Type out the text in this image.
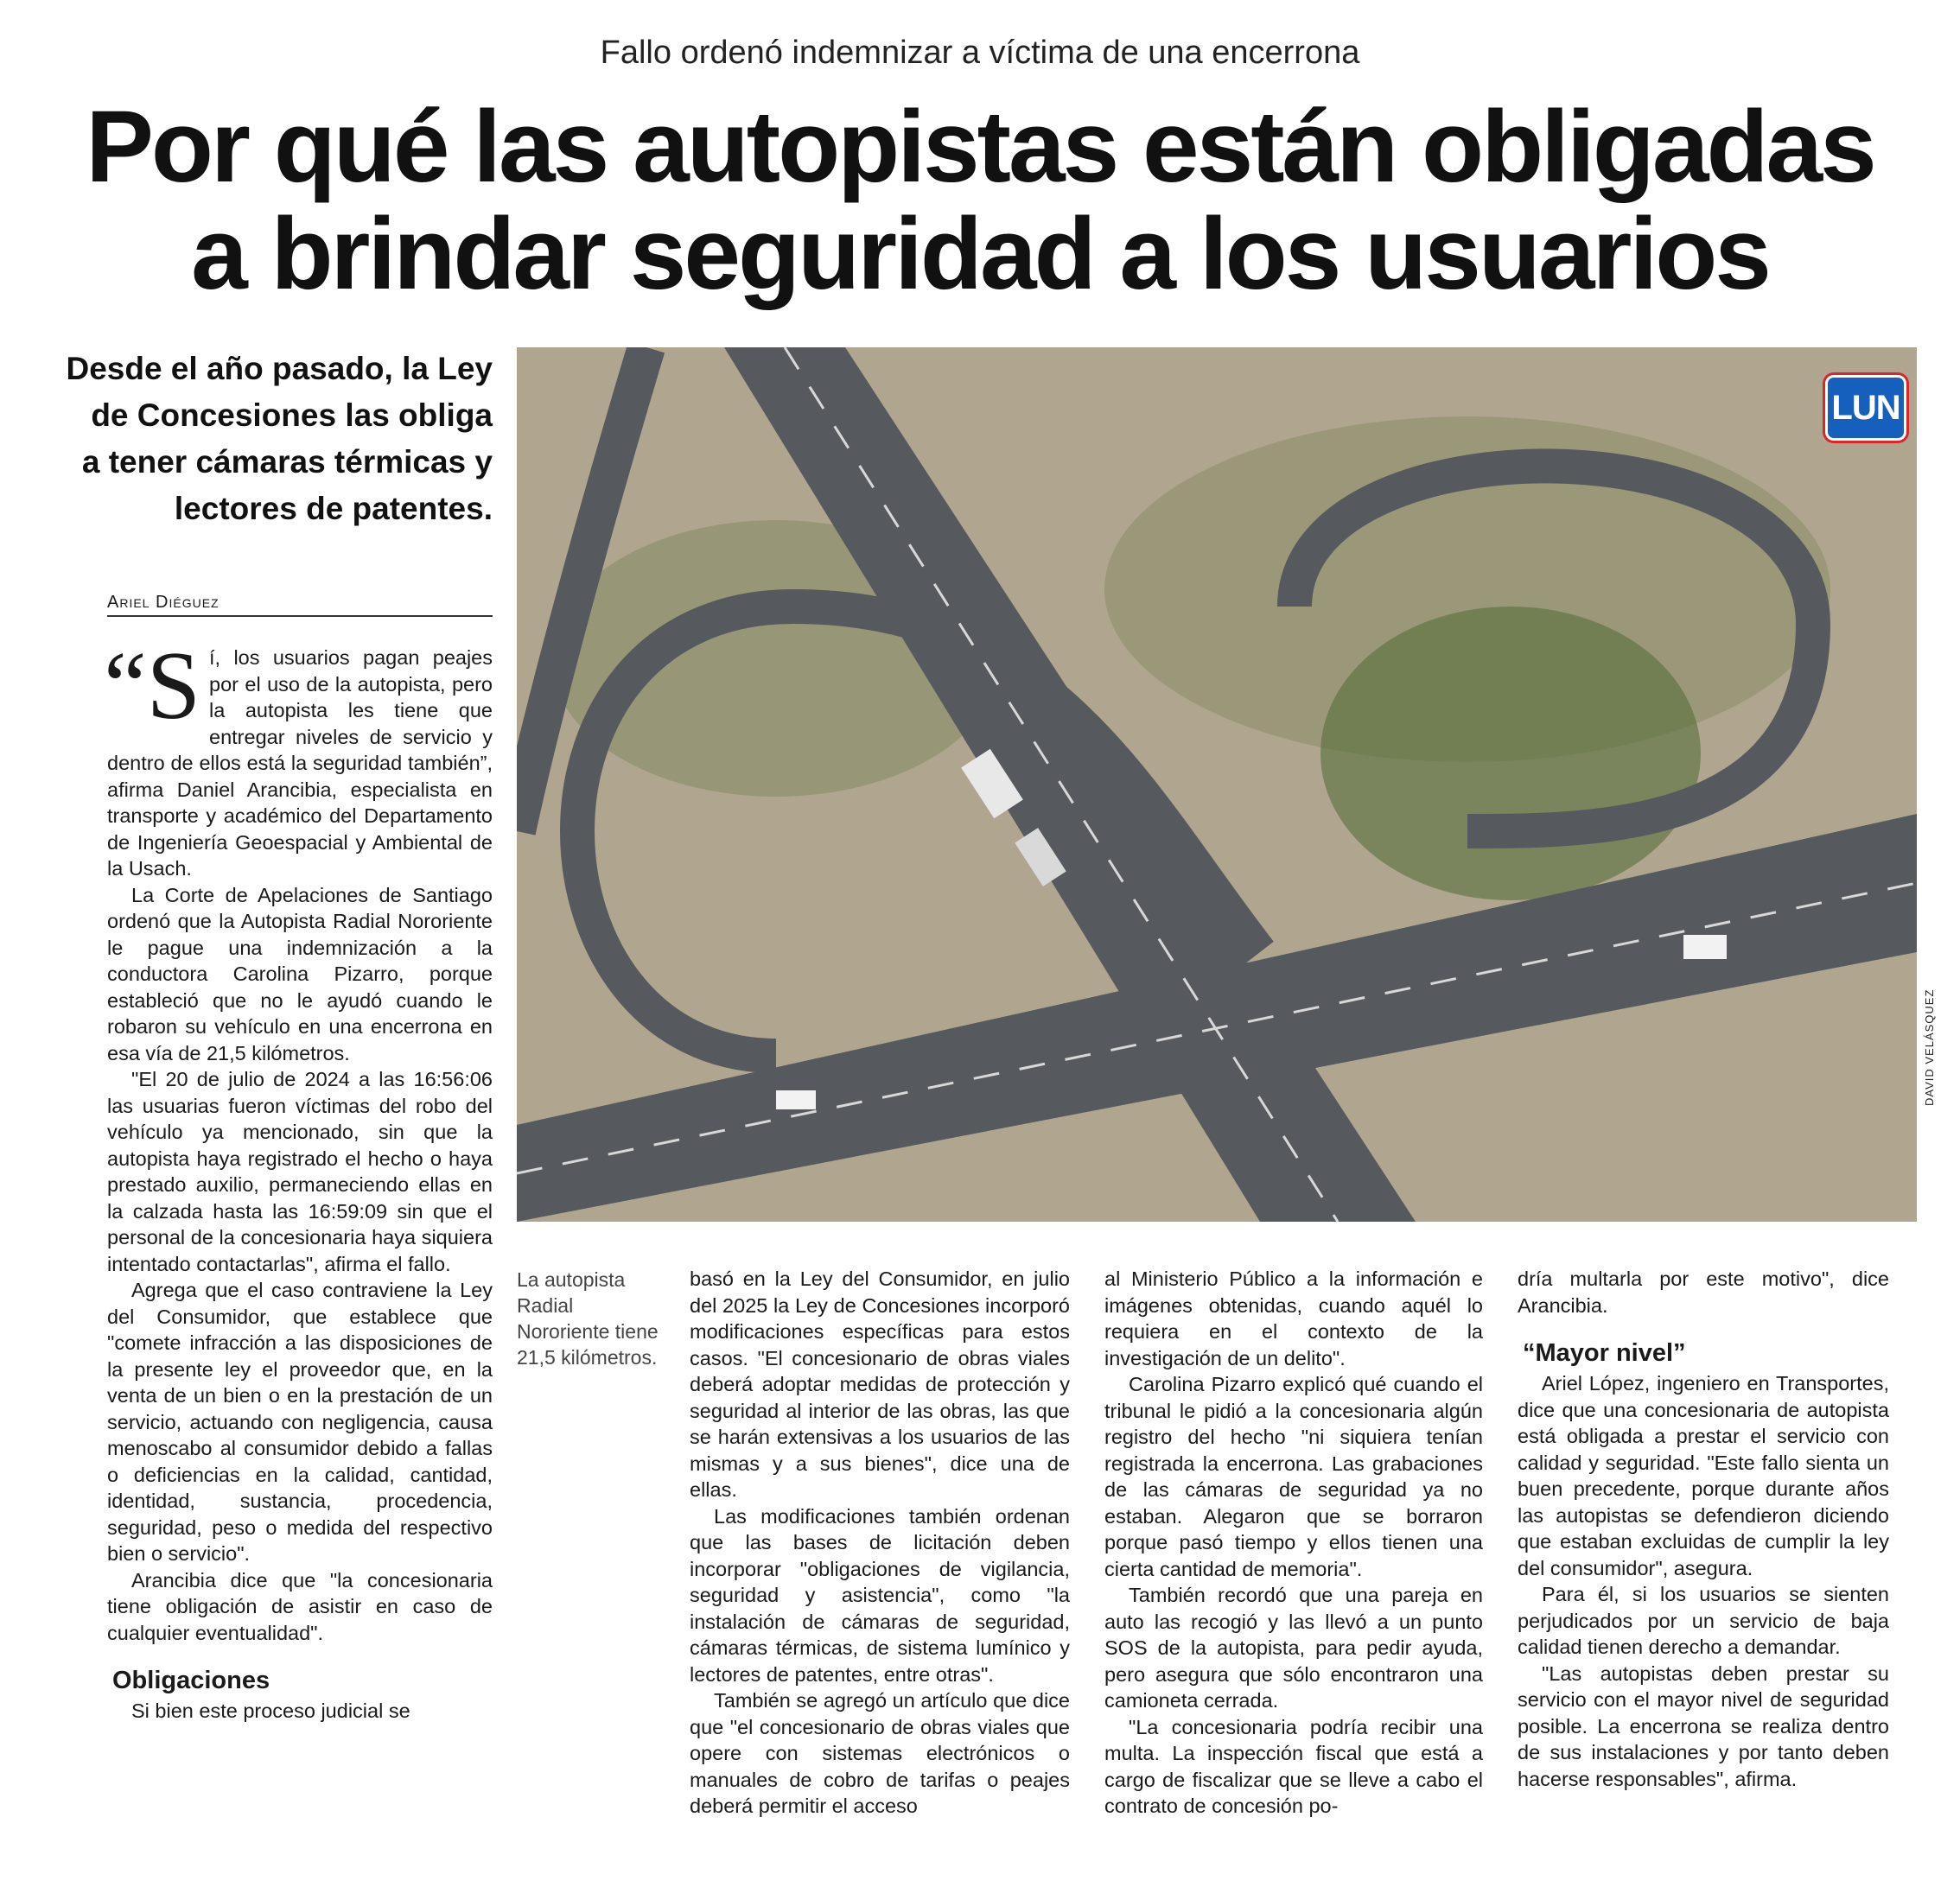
Fallo ordenó indemnizar a víctima de una encerrona
Por qué las autopistas están obligadas
a brindar seguridad a los usuarios
Desde el año pasado, la Ley
de Concesiones las obliga
a tener cámaras térmicas y
lectores de patentes.
Ariel Diéguez
LUN
DAVID VELÁSQUEZ
La autopista Radial Nororiente tiene 21,5 kilómetros.

“S í, los usuarios pagan peajes por el uso de la autopista, pero la autopista les tiene que entregar niveles de servicio y dentro de ellos está la seguridad también”, afirma Daniel Arancibia, especialista en transporte y académico del Departamento de Ingeniería Geoespacial y Ambiental de la Usach.

La Corte de Apelaciones de Santiago ordenó que la Autopista Radial Nororiente le pague una indemnización a la conductora Carolina Pizarro, porque estableció que no le ayudó cuando le robaron su vehículo en una encerrona en esa vía de 21,5 kilómetros.

"El 20 de julio de 2024 a las 16:56:06 las usuarias fueron víctimas del robo del vehículo ya mencionado, sin que la autopista haya registrado el hecho o haya prestado auxilio, permaneciendo ellas en la calzada hasta las 16:59:09 sin que el personal de la concesionaria haya siquiera intentado contactarlas", afirma el fallo.

Agrega que el caso contraviene la Ley del Consumidor, que establece que "comete infracción a las disposiciones de la presente ley el proveedor que, en la venta de un bien o en la prestación de un servicio, actuando con negligencia, causa menoscabo al consumidor debido a fallas o deficiencias en la calidad, cantidad, identidad, sustancia, procedencia, seguridad, peso o medida del respectivo bien o servicio".

Arancibia dice que "la concesionaria tiene obligación de asistir en caso de cualquier eventualidad".

Obligaciones

Si bien este proceso judicial se

basó en la Ley del Consumidor, en julio del 2025 la Ley de Concesiones incorporó modificaciones específicas para estos casos. "El concesionario de obras viales deberá adoptar medidas de protección y seguridad al interior de las obras, las que se harán extensivas a los usuarios de las mismas y a sus bienes", dice una de ellas.

Las modificaciones también ordenan que las bases de licitación deben incorporar "obligaciones de vigilancia, seguridad y asistencia", como "la instalación de cámaras de seguridad, cámaras térmicas, de sistema lumínico y lectores de patentes, entre otras".

También se agregó un artículo que dice que "el concesionario de obras viales que opere con sistemas electrónicos o manuales de cobro de tarifas o peajes deberá permitir el acceso

al Ministerio Público a la información e imágenes obtenidas, cuando aquél lo requiera en el contexto de la investigación de un delito".

Carolina Pizarro explicó qué cuando el tribunal le pidió a la concesionaria algún registro del hecho "ni siquiera tenían registrada la encerrona. Las grabaciones de las cámaras de seguridad ya no estaban. Alegaron que se borraron porque pasó tiempo y ellos tienen una cierta cantidad de memoria".

También recordó que una pareja en auto las recogió y las llevó a un punto SOS de la autopista, para pedir ayuda, pero asegura que sólo encontraron una camioneta cerrada.

"La concesionaria podría recibir una multa. La inspección fiscal que está a cargo de fiscalizar que se lleve a cabo el contrato de concesión po-

dría multarla por este motivo", dice Arancibia.

“Mayor nivel”

Ariel López, ingeniero en Transportes, dice que una concesionaria de autopista está obligada a prestar el servicio con calidad y seguridad. "Este fallo sienta un buen precedente, porque durante años las autopistas se defendieron diciendo que estaban excluidas de cumplir la ley del consumidor", asegura.

Para él, si los usuarios se sienten perjudicados por un servicio de baja calidad tienen derecho a demandar.

"Las autopistas deben prestar su servicio con el mayor nivel de seguridad posible. La encerrona se realiza dentro de sus instalaciones y por tanto deben hacerse responsables", afirma.
